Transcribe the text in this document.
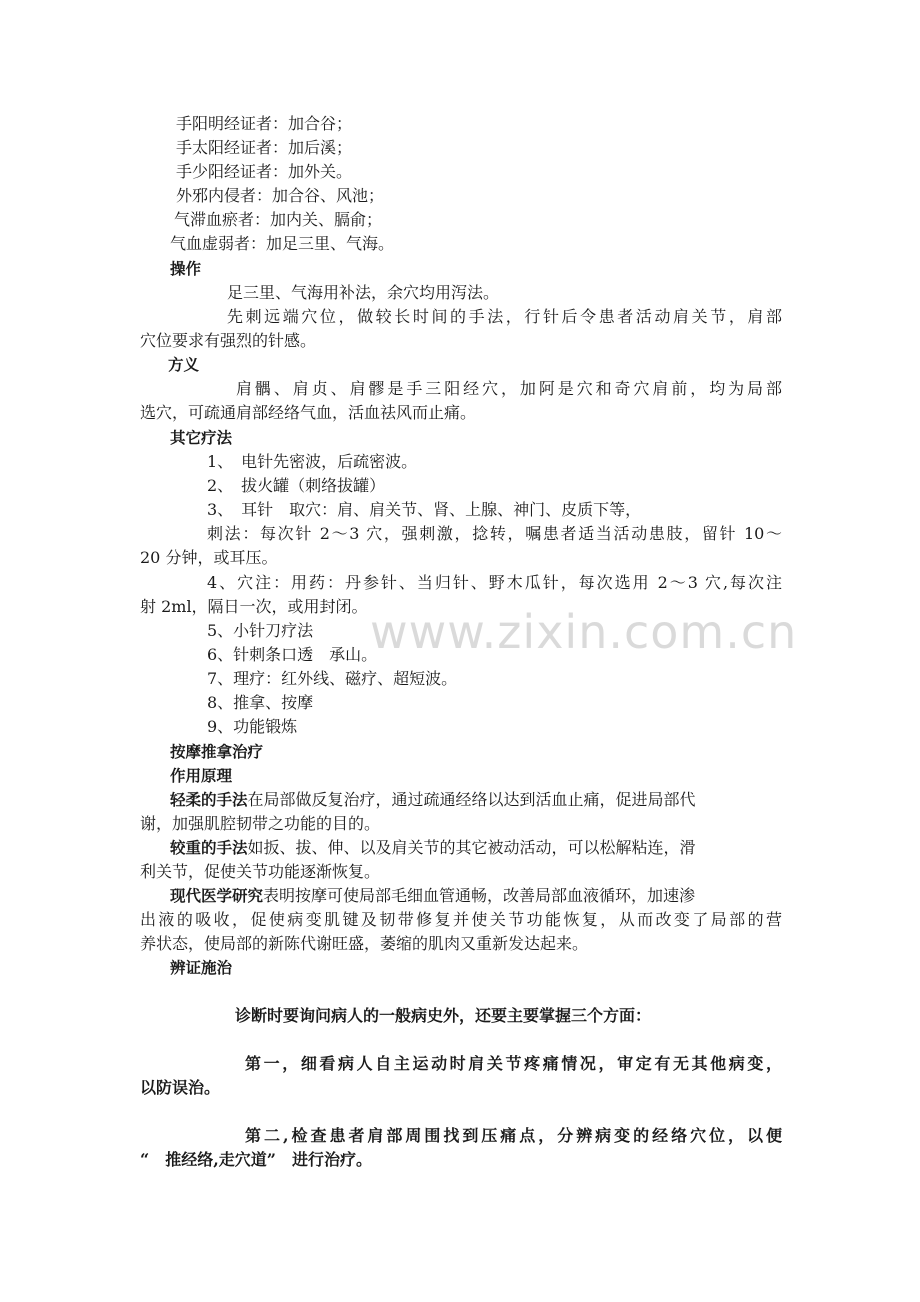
www.zixin.com.cn
手阳明经证者：加合谷；
手太阳经证者：加后溪；
手少阳经证者：加外关。
外邪内侵者：加合谷、风池；
气滞血瘀者：加内关、膈俞；
气血虚弱者：加足三里、气海。
操作
足三里、气海用补法，余穴均用泻法。
先刺远端穴位，做较长时间的手法，行针后令患者活动肩关节，肩部
穴位要求有强烈的针感。
方义
肩髃、肩贞、肩髎是手三阳经穴，加阿是穴和奇穴肩前，均为局部
选穴，可疏通肩部经络气血，活血祛风而止痛。
其它疗法
1、　电针先密波，后疏密波。
2、　拔火罐（刺络拔罐）
3、　耳针　取穴：肩、肩关节、肾、上腺、神门、皮质下等，
刺法：每次针 2～3 穴，强刺激，捻转，嘱患者适当活动患肢，留针 10～
20 分钟，或耳压。
4、穴注：用药：丹参针、当归针、野木瓜针，每次选用 2～3 穴,每次注
射 2ml，隔日一次，或用封闭。
5、小针刀疗法
6、针刺条口透　承山。
7、理疗：红外线、磁疗、超短波。
8、推拿、按摩
9、功能锻炼
按摩推拿治疗
作用原理
轻柔的手法在局部做反复治疗，通过疏通经络以达到活血止痛，促进局部代
谢，加强肌腔韧带之功能的目的。
较重的手法如扳、拔、伸、以及肩关节的其它被动活动，可以松解粘连，滑
利关节，促使关节功能逐渐恢复。
现代医学研究表明按摩可使局部毛细血管通畅，改善局部血液循环，加速渗
出液的吸收，促使病变肌键及韧带修复并使关节功能恢复，从而改变了局部的营
养状态，使局部的新陈代谢旺盛，萎缩的肌肉又重新发达起来。
辨证施治
诊断时要询问病人的一般病史外，还要主要掌握三个方面：
第一，细看病人自主运动时肩关节疼痛情况，审定有无其他病变，
以防误治。
第二,检查患者肩部周围找到压痛点，分辨病变的经络穴位，以便
“　推经络,走穴道”　进行治疗。
